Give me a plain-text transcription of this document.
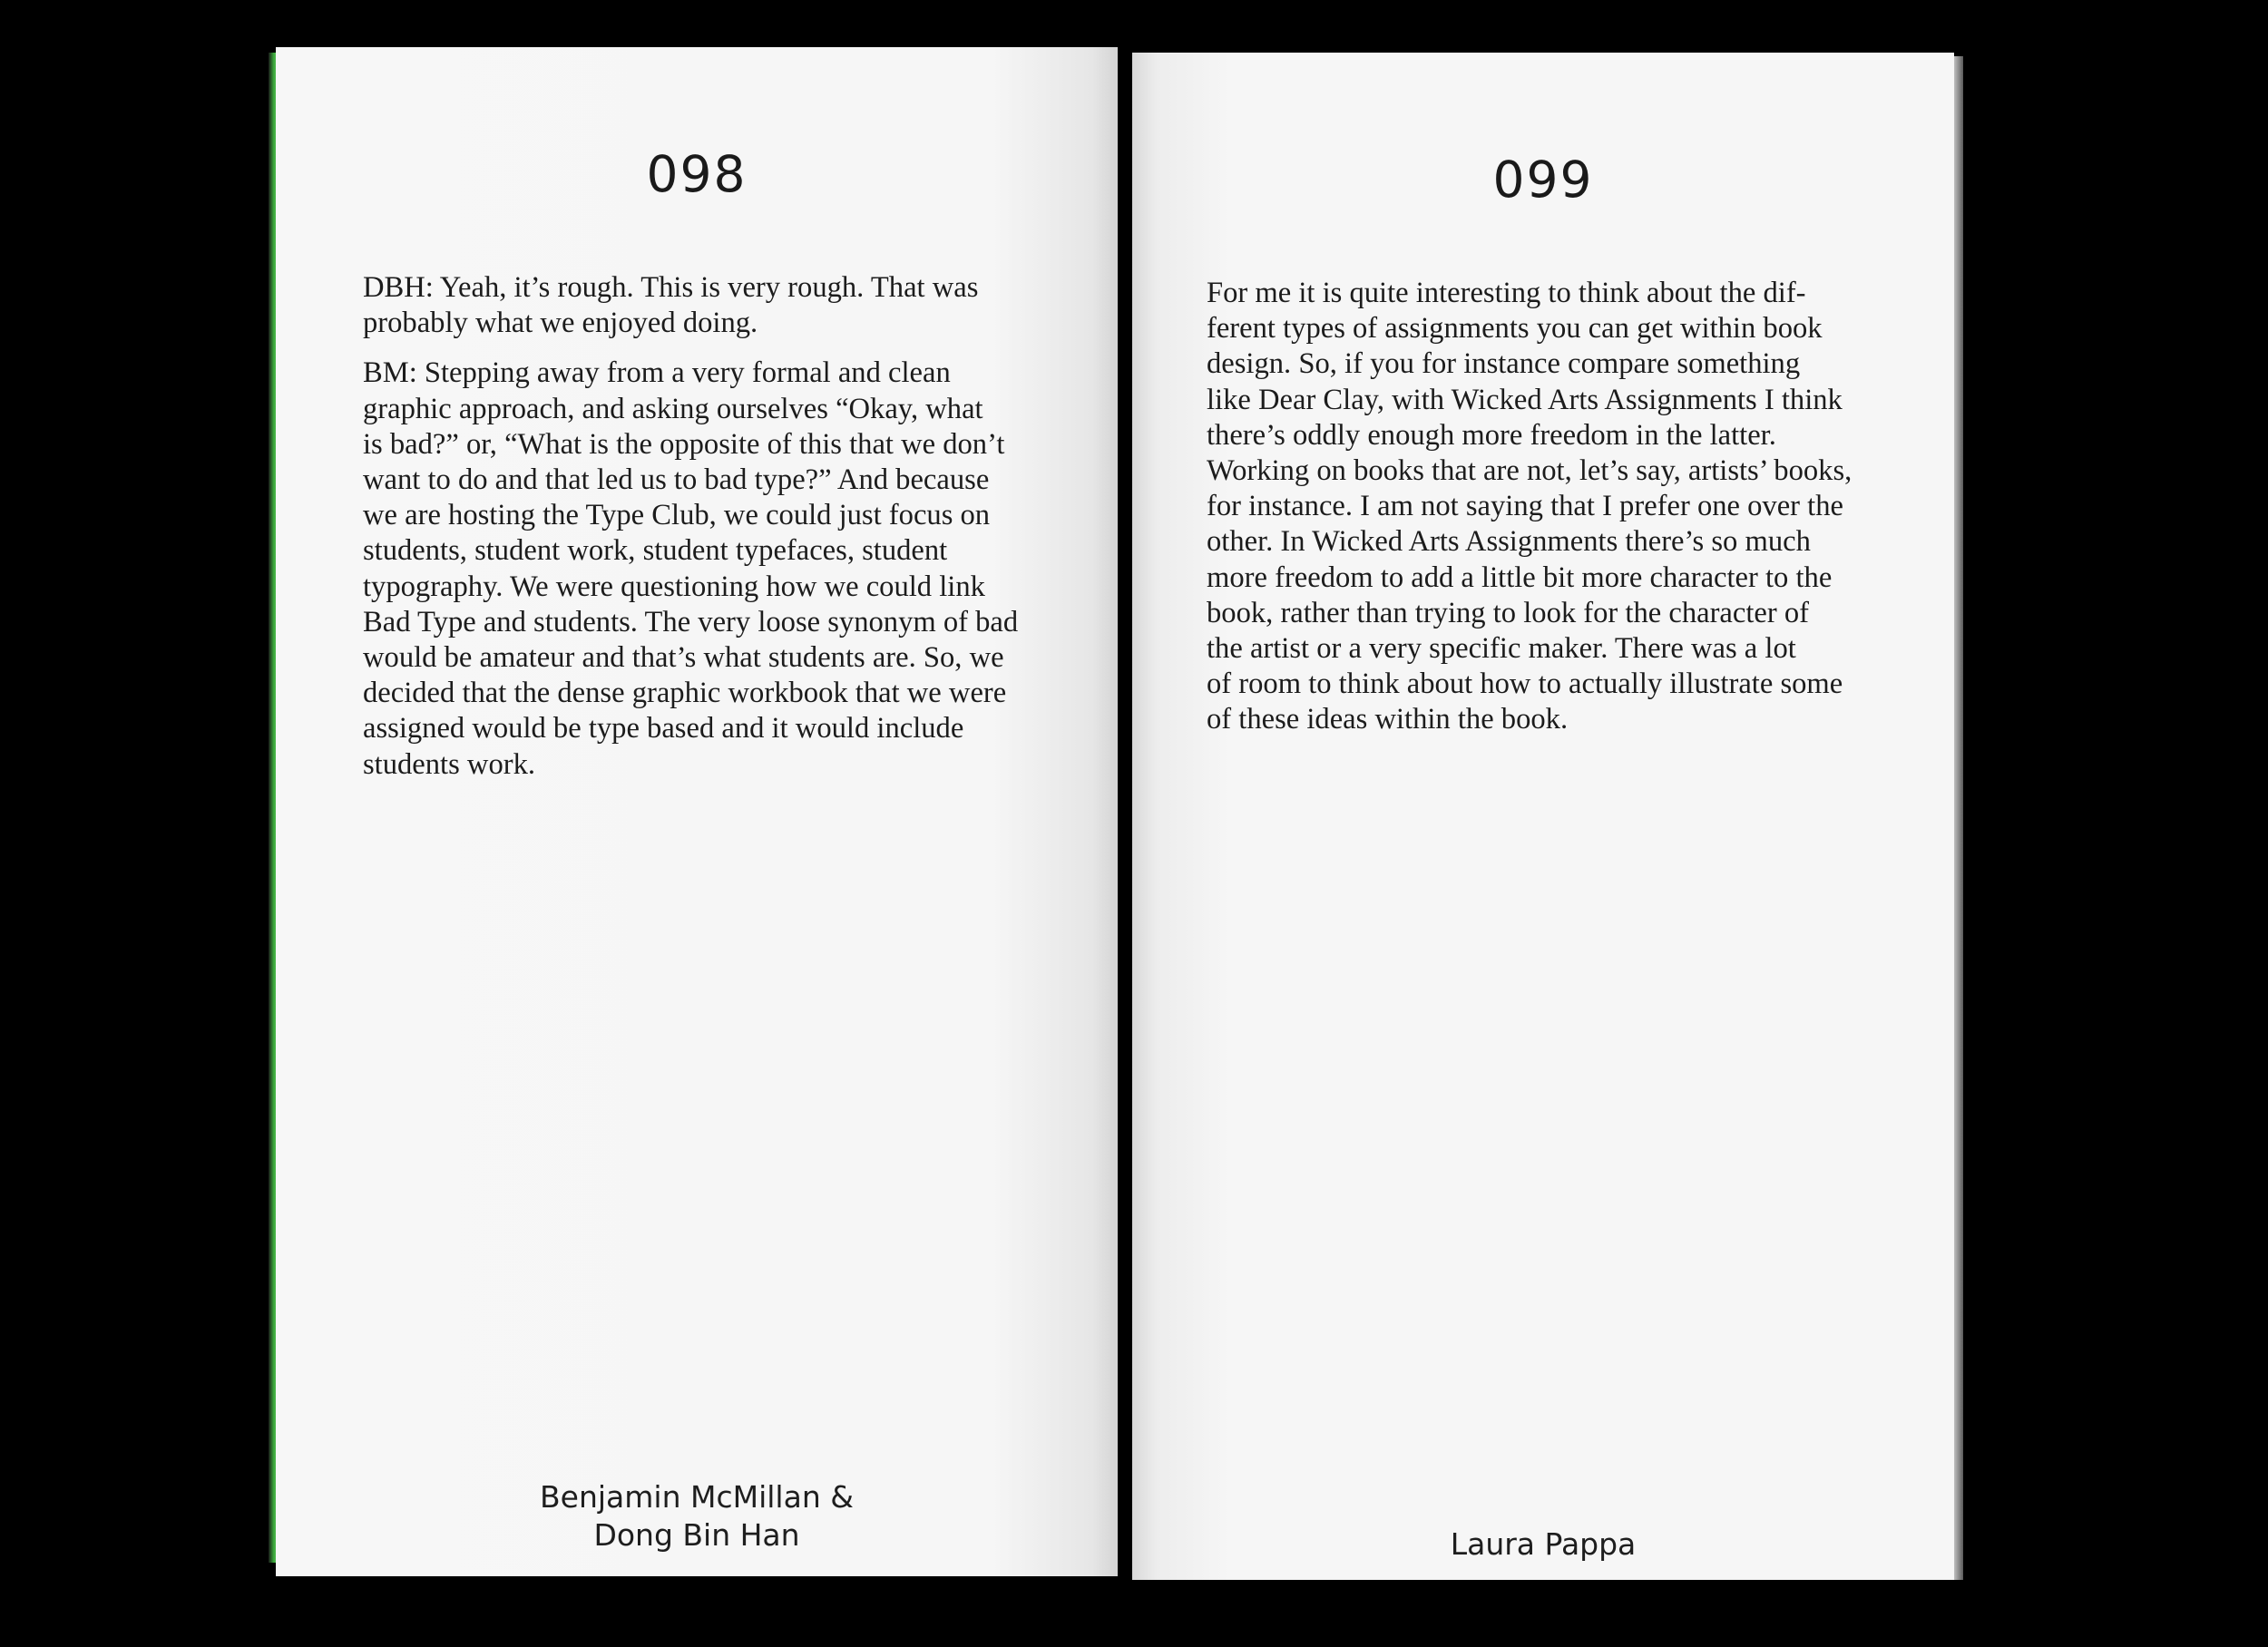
098

DBH: Yeah, it’s rough. This is very rough. That was
probably what we enjoyed doing.

BM: Stepping away from a very formal and clean
graphic approach, and asking ourselves “Okay, what
is bad?” or, “What is the opposite of this that we don’t
want to do and that led us to bad type?” And because
we are hosting the Type Club, we could just focus on
students, student work, student typefaces, student
typography. We were questioning how we could link
Bad Type and students. The very loose synonym of bad
would be amateur and that’s what students are. So, we
decided that the dense graphic workbook that we were
assigned would be type based and it would include
students work.

Benjamin McMillan &
Dong Bin Han
099

For me it is quite interesting to think about the dif-
ferent types of assignments you can get within book
design. So, if you for instance compare something
like Dear Clay, with Wicked Arts Assignments I think
there’s oddly enough more freedom in the latter.
Working on books that are not, let’s say, artists’ books,
for instance. I am not saying that I prefer one over the
other. In Wicked Arts Assignments there’s so much
more freedom to add a little bit more character to the
book, rather than trying to look for the character of
the artist or a very specific maker. There was a lot
of room to think about how to actually illustrate some
of these ideas within the book.

Laura Pappa
